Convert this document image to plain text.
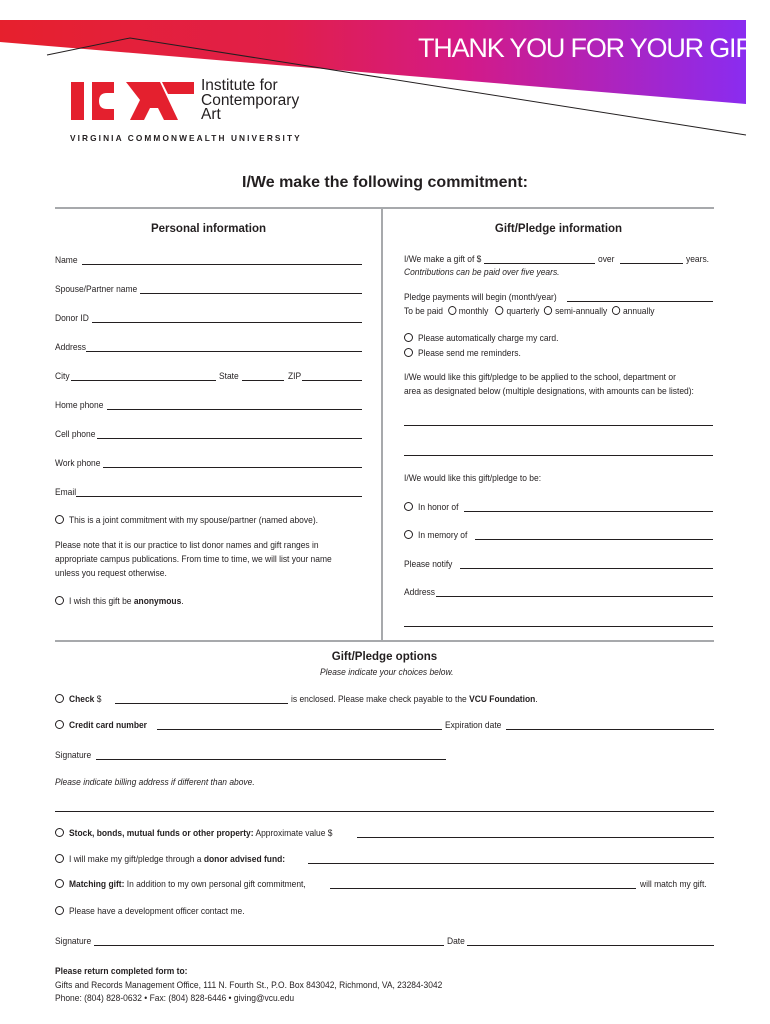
THANK YOU FOR YOUR GIFT
Institute for
Contemporary
Art
VIRGINIA COMMONWEALTH UNIVERSITY
I/We make the following commitment:
Personal information
Name
Spouse/Partner name
Donor ID
Address
City	State	ZIP
Home phone
Cell phone
Work phone
Email
This is a joint commitment with my spouse/partner (named above).
Please note that it is our practice to list donor names and gift ranges in
appropriate campus publications. From time to time, we will list your name
unless you request otherwise.
I wish this gift be anonymous.
Gift/Pledge information
I/We make a gift of $	over	years.
Contributions can be paid over five years.
Pledge payments will begin (month/year)
To be paid monthly quarterly semi-annually annually
Please automatically charge my card.
Please send me reminders.
I/We would like this gift/pledge to be applied to the school, department or
area as designated below (multiple designations, with amounts can be listed):
I/We would like this gift/pledge to be:
In honor of
In memory of
Please notify
Address
Gift/Pledge options
Please indicate your choices below.
Check $	is enclosed. Please make check payable to the VCU Foundation.
Credit card number	Expiration date
Signature
Please indicate billing address if different than above.
Stock, bonds, mutual funds or other property: Approximate value $
I will make my gift/pledge through a donor advised fund:
Matching gift: In addition to my own personal gift commitment,	will match my gift.
Please have a development officer contact me.
Signature	Date
Please return completed form to:
Gifts and Records Management Office, 111 N. Fourth St., P.O. Box 843042, Richmond, VA, 23284-3042
Phone: (804) 828-0632 • Fax: (804) 828-6446 • giving@vcu.edu
